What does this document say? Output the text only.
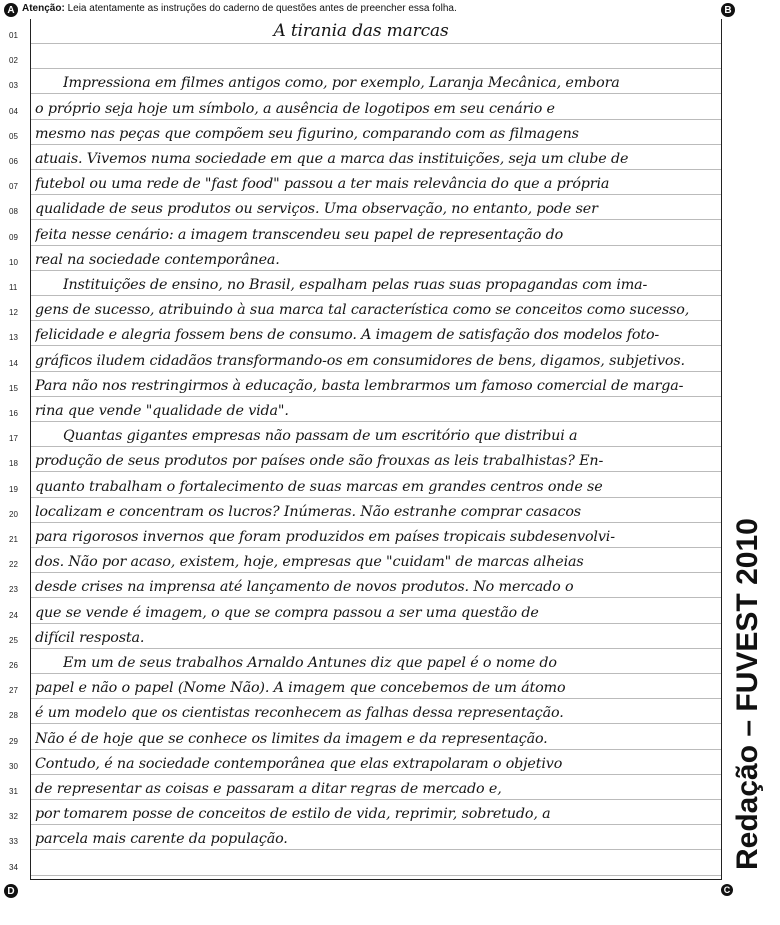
A Atenção: Leia atentamente as instruções do caderno de questões antes de preencher essa folha.	B
01	A tirania das marcas
02
03	Impressiona em filmes antigos como, por exemplo, Laranja Mecânica, embora
04 o próprio seja hoje um símbolo, a ausência de logotipos em seu cenário e
05 mesmo nas peças que compõem seu figurino, comparando com as filmagens
06 atuais. Vivemos numa sociedade em que a marca das instituições, seja um clube de
07 futebol ou uma rede de "fast food" passou a ter mais relevância do que a própria
08 qualidade de seus produtos ou serviços. Uma observação, no entanto, pode ser
09 feita nesse cenário: a imagem transcendeu seu papel de representação do
10 real na sociedade contemporânea.
11	Instituições de ensino, no Brasil, espalham pelas ruas suas propagandas com ima-
12 gens de sucesso, atribuindo à sua marca tal característica como se conceitos como sucesso,
13 felicidade e alegria fossem bens de consumo. A imagem de satisfação dos modelos foto-
14 gráficos iludem cidadãos transformando-os em consumidores de bens, digamos, subjetivos.
15 Para não nos restringirmos à educação, basta lembrarmos um famoso comercial de marga-
16 rina que vende "qualidade de vida".
17	Quantas gigantes empresas não passam de um escritório que distribui a
18 produção de seus produtos por países onde são frouxas as leis trabalhistas? En-
19 quanto trabalham o fortalecimento de suas marcas em grandes centros onde se
20 localizam e concentram os lucros? Inúmeras. Não estranhe comprar casacos
21 para rigorosos invernos que foram produzidos em países tropicais subdesenvolvi-
22 dos. Não por acaso, existem, hoje, empresas que "cuidam" de marcas alheias
23 desde crises na imprensa até lançamento de novos produtos. No mercado o
24 que se vende é imagem, o que se compra passou a ser uma questão de
25 difícil resposta.
26	Em um de seus trabalhos Arnaldo Antunes diz que papel é o nome do
27 papel e não o papel (Nome Não). A imagem que concebemos de um átomo
28 é um modelo que os cientistas reconhecem as falhas dessa representação.
29 Não é de hoje que se conhece os limites da imagem e da representação.
30 Contudo, é na sociedade contemporânea que elas extrapolaram o objetivo
31 de representar as coisas e passaram a ditar regras de mercado e,
32 por tomarem posse de conceitos de estilo de vida, reprimir, sobretudo, a
33 parcela mais carente da população.
34	Redação – FUVEST 2010
D	C
